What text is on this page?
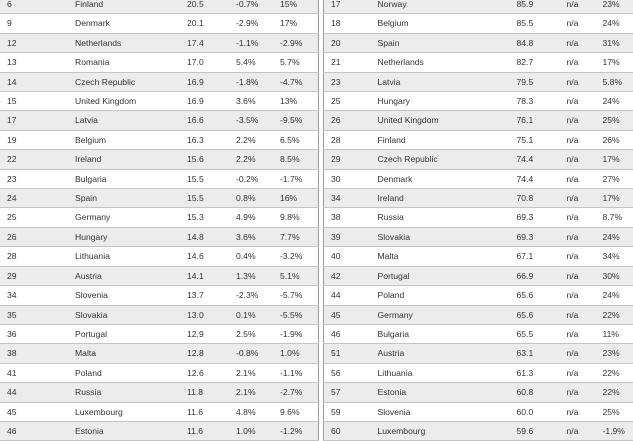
6	Finland	20.5	-0.7%	15%
9	Denmark	20.1	-2.9%	17%
12	Netherlands	17.4	-1.1%	-2.9%
13	Romania	17.0	5.4%	5.7%
14	Czech Republic	16.9	-1.8%	-4.7%
15	United Kingdom	16.9	3.6%	13%
17	Latvia	16.6	-3.5%	-9.5%
19	Belgium	16.3	2.2%	6.5%
22	Ireland	15.6	2.2%	8.5%
23	Bulgaria	15.5	-0.2%	-1.7%
24	Spain	15.5	0.8%	16%
25	Germany	15.3	4.9%	9.8%
26	Hungary	14.8	3.6%	7.7%
28	Lithuania	14.6	0.4%	-3.2%
29	Austria	14.1	1.3%	5.1%
34	Slovenia	13.7	-2.3%	-5.7%
35	Slovakia	13.0	0.1%	-5.5%
36	Portugal	12.9	2.5%	-1.9%
38	Malta	12.8	-0.8%	1.0%
41	Poland	12.6	2.1%	-1.1%
44	Russia	11.8	2.1%	-2.7%
45	Luxembourg	11.6	4.8%	9.6%
46	Estonia	11.6	1.0%	-1.2%
17	Norway	85.9	n/a	23%
18	Belgium	85.5	n/a	24%
20	Spain	84.8	n/a	31%
21	Netherlands	82.7	n/a	17%
23	Latvia	79.5	n/a	5.8%
25	Hungary	78.3	n/a	24%
26	United Kingdom	76.1	n/a	25%
28	Finland	75.1	n/a	26%
29	Czech Republic	74.4	n/a	17%
30	Denmark	74.4	n/a	27%
34	Ireland	70.8	n/a	17%
38	Russia	69.3	n/a	8.7%
39	Slovakia	69.3	n/a	24%
40	Malta	67.1	n/a	34%
42	Portugal	66.9	n/a	30%
44	Poland	65.6	n/a	24%
45	Germany	65.6	n/a	22%
46	Bulgaria	65.5	n/a	11%
51	Austria	63.1	n/a	23%
56	Lithuania	61.3	n/a	22%
57	Estonia	60.8	n/a	22%
59	Slovenia	60.0	n/a	25%
60	Luxembourg	59.6	n/a	-1.9%
